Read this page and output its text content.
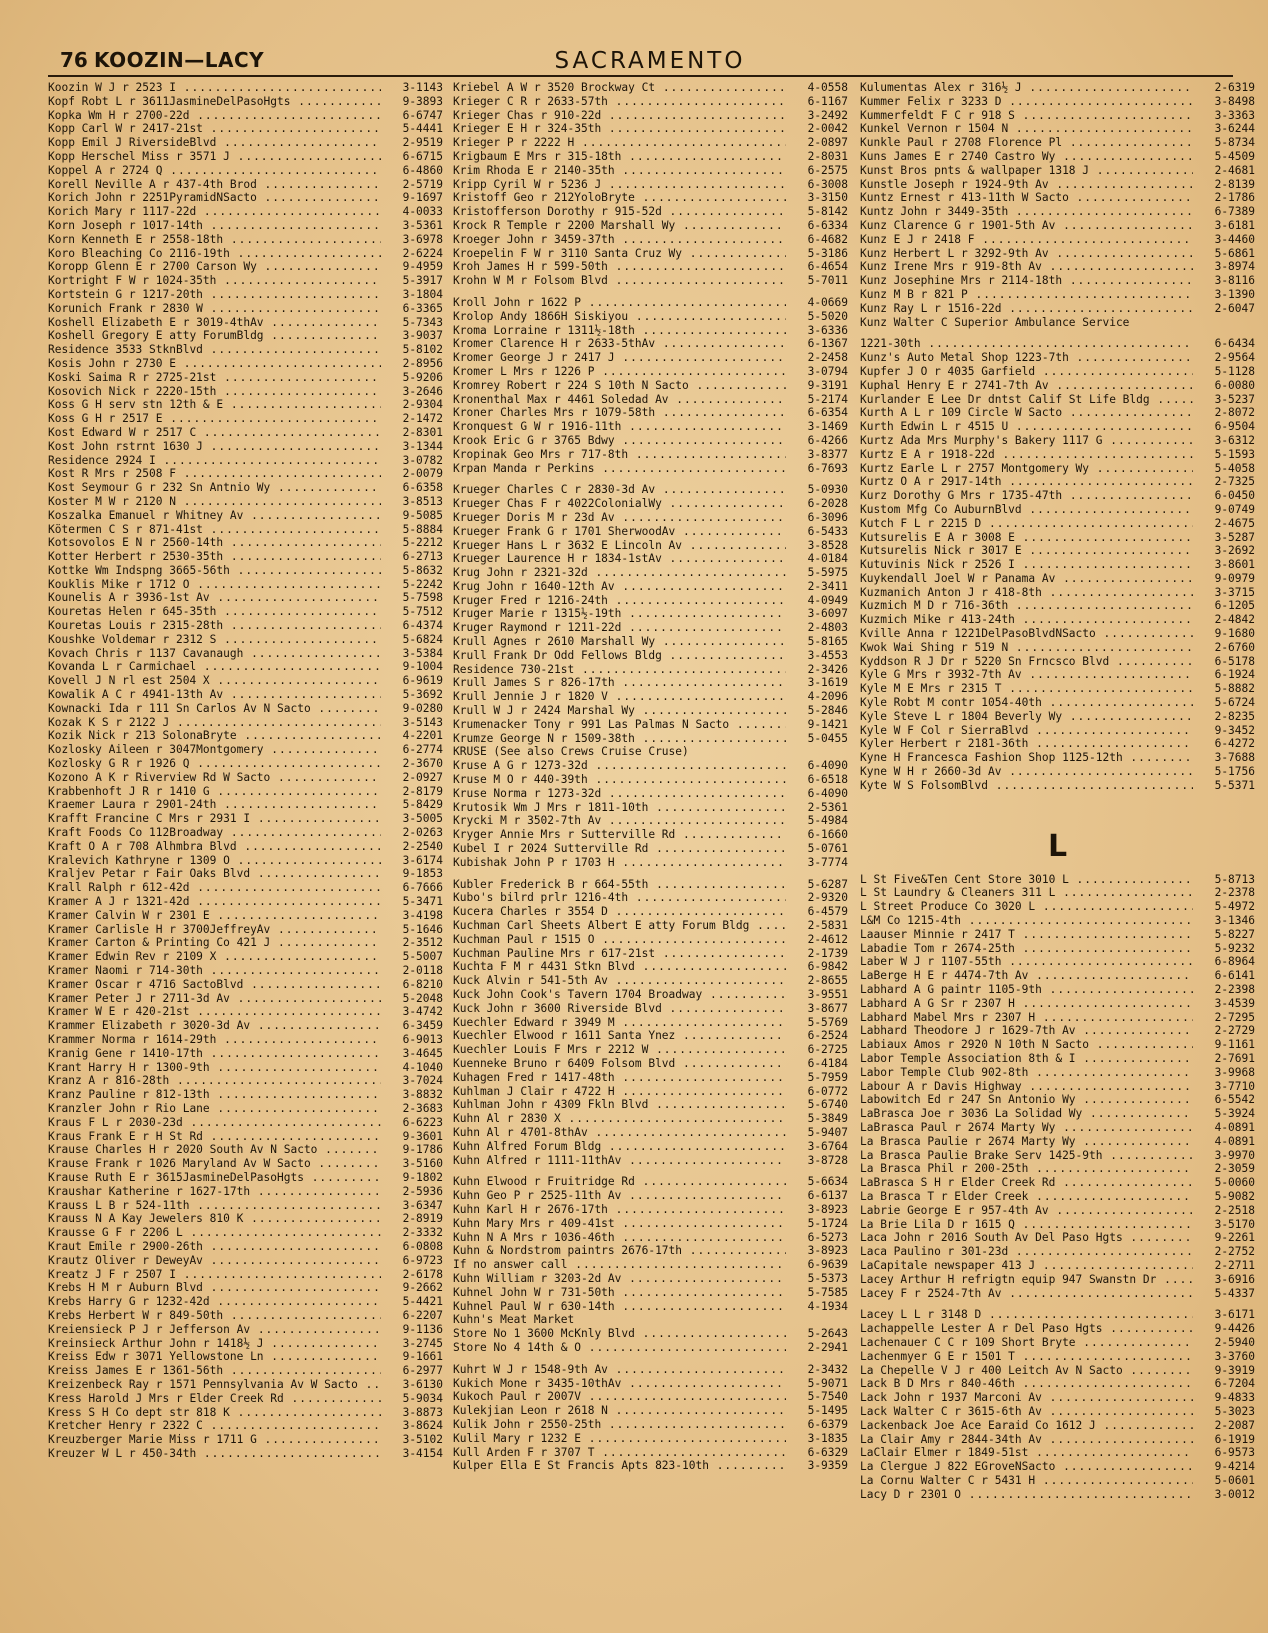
76 KOOZIN—LACY	SACRAMENTO
Koozin W J r 2523 I .....	3-1143
Kopf Robt L r 3611JasmineDelPasoHgts .....	9-3893
Kopka Wm H r 2700-22d .....	6-6747
Kopp Carl W r 2417-21st .....	5-4441
Kopp Emil J RiversideBlvd .....	2-9519
Kopp Herschel Miss r 3571 J .....	6-6715
Koppel A r 2724 Q .....	6-4860
Korell Neville A r 437-4th Brod .....	2-5719
Korich John r 2251PyramidNSacto .....	9-1697
Korich Mary r 1117-22d .....	4-0033
Korn Joseph r 1017-14th .....	3-5361
Korn Kenneth E r 2558-18th .....	3-6978
Koro Bleaching Co 2116-19th .....	2-6224
Koropp Glenn E r 2700 Carson Wy .....	9-4959
Kortright F W r 1024-35th .....	5-3917
Kortstein G r 1217-20th .....	3-1804
Korunich Frank r 2830 W .....	6-3365
Koshell Elizabeth E r 3019-4thAv .....	5-7343
Koshell Gregory E atty ForumBldg .....	3-9037
Residence 3533 StknBlvd .....	5-8102
Kosis John r 2730 E .....	2-8956
Koski Saima R r 2725-21st .....	5-9206
Kosovich Nick r 2220-15th .....	3-2646
Koss G H serv stn 12th & E .....	2-9304
Koss G H r 2517 E .....	2-1472
Kost Edward W r 2517 C .....	2-8301
Kost John rstrnt 1630 J .....	3-1344
Residence 2924 I .....	3-0782
Kost R Mrs r 2508 F .....	2-0079
Kost Seymour G r 232 Sn Antnio Wy .....	6-6358
Koster M W r 2120 N .....	3-8513
Koszalka Emanuel r Whitney Av .....	9-5085
Kötermen C S r 871-41st .....	5-8884
Kotsovolos E N r 2560-14th .....	5-2212
Kotter Herbert r 2530-35th .....	6-2713
Kottke Wm Indspng 3665-56th .....	5-8632
Kouklis Mike r 1712 O .....	5-2242
Kounelis A r 3936-1st Av .....	5-7598
Kouretas Helen r 645-35th .....	5-7512
Kouretas Louis r 2315-28th .....	6-4374
Koushke Voldemar r 2312 S .....	5-6824
Kovach Chris r 1137 Cavanaugh .....	3-5384
Kovanda L r Carmichael .....	9-1004
Kovell J N rl est 2504 X .....	6-9619
Kowalik A C r 4941-13th Av .....	5-3692
Kownacki Ida r 111 Sn Carlos Av N Sacto .....	9-0280
Kozak K S r 2122 J .....	3-5143
Kozik Nick r 213 SolonaBryte .....	4-2201
Kozlosky Aileen r 3047Montgomery .....	6-2774
Kozlosky G R r 1926 Q .....	2-3670
Kozono A K r Riverview Rd W Sacto .....	2-0927
Krabbenhoft J R r 1410 G .....	2-8179
Kraemer Laura r 2901-24th .....	5-8429
Krafft Francine C Mrs r 2931 I .....	3-5005
Kraft Foods Co 112Broadway .....	2-0263
Kraft O A r 708 Alhmbra Blvd .....	2-2540
Kralevich Kathryne r 1309 O .....	3-6174
Kraljev Petar r Fair Oaks Blvd .....	9-1853
Krall Ralph r 612-42d .....	6-7666
Kramer A J r 1321-42d .....	5-3471
Kramer Calvin W r 2301 E .....	3-4198
Kramer Carlisle H r 3700JeffreyAv .....	5-1646
Kramer Carton & Printing Co 421 J .....	2-3512
Kramer Edwin Rev r 2109 X .....	5-5007
Kramer Naomi r 714-30th .....	2-0118
Kramer Oscar r 4716 SactoBlvd .....	6-8210
Kramer Peter J r 2711-3d Av .....	5-2048
Kramer W E r 420-21st .....	3-4742
Krammer Elizabeth r 3020-3d Av .....	6-3459
Krammer Norma r 1614-29th .....	6-9013
Kranig Gene r 1410-17th .....	3-4645
Krant Harry H r 1300-9th .....	4-1040
Kranz A r 816-28th .....	3-7024
Kranz Pauline r 812-13th .....	3-8832
Kranzler John r Rio Lane .....	2-3683
Kraus F L r 2030-23d .....	6-6223
Kraus Frank E r H St Rd .....	9-3601
Krause Charles H r 2020 South Av N Sacto .....	9-1786
Krause Frank r 1026 Maryland Av W Sacto .....	3-5160
Krause Ruth E r 3615JasmineDelPasoHgts .....	9-1802
Kraushar Katherine r 1627-17th .....	2-5936
Krauss L B r 524-11th .....	3-6347
Krauss N A Kay Jewelers 810 K .....	2-8919
Krausse G F r 2206 L .....	2-3332
Kraut Emile r 2900-26th .....	6-0808
Krautz Oliver r DeweyAv .....	6-9723
Kreatz J F r 2507 I .....	2-6178
Krebs H M r Auburn Blvd .....	9-2662
Krebs Harry G r 1232-42d .....	5-4421
Krebs Herbert W r 849-50th .....	6-2207
Kreiensieck P J r Jefferson Av .....	9-1136
Kreinsieck Arthur John r 1418½ J .....	3-2745
Kreiss Edw r 3071 Yellowstone Ln .....	9-1661
Kreiss James E r 1361-56th .....	6-2977
Kreizenbeck Ray r 1571 Pennsylvania Av W Sacto .....	3-6130
Kress Harold J Mrs r Elder Creek Rd .....	5-9034
Kress S H Co dept str 818 K .....	3-8873
Kretcher Henry r 2322 C .....	3-8624
Kreuzberger Marie Miss r 1711 G .....	3-5102
Kreuzer W L r 450-34th .....	3-4154
Kriebel A W r 3520 Brockway Ct .....	4-0558
Krieger C R r 2633-57th .....	6-1167
Krieger Chas r 910-22d .....	3-2492
Krieger E H r 324-35th .....	2-0042
Krieger P r 2222 H .....	2-0897
Krigbaum E Mrs r 315-18th .....	2-8031
Krim Rhoda E r 2140-35th .....	6-2575
Kripp Cyril W r 5236 J .....	6-3008
Kristoff Geo r 212YoloBryte .....	3-3150
Kristofferson Dorothy r 915-52d .....	5-8142
Krock R Temple r 2200 Marshall Wy .....	6-6334
Kroeger John r 3459-37th .....	6-4682
Kroepelin F W r 3110 Santa Cruz Wy .....	5-3186
Kroh James H r 599-50th .....	6-4654
Krohn W M r Folsom Blvd .....	5-7011
Kroll John r 1622 P .....	4-0669
Krolop Andy 1866H Siskiyou .....	5-5020
Kroma Lorraine r 1311½-18th .....	3-6336
Kromer Clarence H r 2633-5thAv .....	6-1367
Kromer George J r 2417 J .....	2-2458
Kromer L Mrs r 1226 P .....	3-0794
Kromrey Robert r 224 S 10th N Sacto .....	9-3191
Kronenthal Max r 4461 Soledad Av .....	5-2174
Kroner Charles Mrs r 1079-58th .....	6-6354
Kronquest G W r 1916-11th .....	3-1469
Krook Eric G r 3765 Bdwy .....	6-4266
Kropinak Geo Mrs r 717-8th .....	3-8377
Krpan Manda r Perkins .....	6-7693
Krueger Charles C r 2830-3d Av .....	5-0930
Krueger Chas F r 4022ColonialWy .....	6-2028
Krueger Doris M r 23d Av .....	6-3096
Krueger Frank G r 1701 SherwoodAv .....	6-5433
Krueger Hans L r 3632 E Lincoln Av .....	3-8528
Krueger Laurence H r 1834-1stAv .....	4-0184
Krug John r 2321-32d .....	5-5975
Krug John r 1640-12th Av .....	2-3411
Kruger Fred r 1216-24th .....	4-0949
Kruger Marie r 1315½-19th .....	3-6097
Kruger Raymond r 1211-22d .....	2-4803
Krull Agnes r 2610 Marshall Wy .....	5-8165
Krull Frank Dr Odd Fellows Bldg .....	3-4553
Residence 730-21st .....	2-3426
Krull James S r 826-17th .....	3-1619
Krull Jennie J r 1820 V .....	4-2096
Krull W J r 2424 Marshal Wy .....	5-2846
Krumenacker Tony r 991 Las Palmas N Sacto .....	9-1421
Krumze George N r 1509-38th .....	5-0455
KRUSE (See also Crews Cruise Cruse)
Kruse A G r 1273-32d .....	6-4090
Kruse M O r 440-39th .....	6-6518
Kruse Norma r 1273-32d .....	6-4090
Krutosik Wm J Mrs r 1811-10th .....	2-5361
Krycki M r 3502-7th Av .....	5-4984
Kryger Annie Mrs r Sutterville Rd .....	6-1660
Kubel I r 2024 Sutterville Rd .....	5-0761
Kubishak John P r 1703 H .....	3-7774
Kubler Frederick B r 664-55th .....	5-6287
Kubo's bilrd prlr 1216-4th .....	2-9320
Kucera Charles r 3554 D .....	6-4579
Kuchman Carl Sheets Albert E atty Forum Bldg .....	2-5831
Kuchman Paul r 1515 O .....	2-4612
Kuchman Pauline Mrs r 617-21st .....	2-1739
Kuchta F M r 4431 Stkn Blvd .....	6-9842
Kuck Alvin r 541-5th Av .....	2-8655
Kuck John Cook's Tavern 1704 Broadway .....	3-9551
Kuck John r 3600 Riverside Blvd .....	3-8677
Kuechler Edward r 3949 M .....	5-5769
Kuechler Elwood r 1611 Santa Ynez .....	6-2524
Kuechler Louis F Mrs r 2212 W .....	6-2725
Kuenneke Bruno r 6409 Folsom Blvd .....	6-4184
Kuhagen Fred r 1417-48th .....	5-7959
Kuhlman J Clair r 4722 H .....	6-0772
Kuhlman John r 4309 Fkln Blvd .....	5-6740
Kuhn Al r 2830 X .....	5-3849
Kuhn Al r 4701-8thAv .....	5-9407
Kuhn Alfred Forum Bldg .....	3-6764
Kuhn Alfred r 1111-11thAv .....	3-8728
Kuhn Elwood r Fruitridge Rd .....	5-6634
Kuhn Geo P r 2525-11th Av .....	6-6137
Kuhn Karl H r 2676-17th .....	3-8923
Kuhn Mary Mrs r 409-41st .....	5-1724
Kuhn N A Mrs r 1036-46th .....	6-5273
Kuhn & Nordstrom paintrs 2676-17th .....	3-8923
If no answer call .....	6-9639
Kuhn William r 3203-2d Av .....	5-5373
Kuhnel John W r 731-50th .....	5-7585
Kuhnel Paul W r 630-14th .....	4-1934
Kuhn's Meat Market
Store No 1 3600 McKnly Blvd .....	5-2643
Store No 4 14th & O .....	2-2941
Kuhrt W J r 1548-9th Av .....	2-3432
Kukich Mone r 3435-10thAv .....	5-9071
Kukoch Paul r 2007V .....	5-7540
Kulekjian Leon r 2618 N .....	5-1495
Kulik John r 2550-25th .....	6-6379
Kulil Mary r 1232 E .....	3-1835
Kull Arden F r 3707 T .....	6-6329
Kulper Ella E St Francis Apts 823-10th .....	3-9359
Kulumentas Alex r 316½ J .....	2-6319
Kummer Felix r 3233 D .....	3-8498
Kummerfeldt F C r 918 S .....	3-3363
Kunkel Vernon r 1504 N .....	3-6244
Kunkle Paul r 2708 Florence Pl .....	5-8734
Kuns James E r 2740 Castro Wy .....	5-4509
Kunst Bros pnts & wallpaper 1318 J .....	2-4681
Kunstle Joseph r 1924-9th Av .....	2-8139
Kuntz Ernest r 413-11th W Sacto .....	2-1786
Kuntz John r 3449-35th .....	6-7389
Kunz Clarence G r 1901-5th Av .....	3-6181
Kunz E J r 2418 F .....	3-4460
Kunz Herbert L r 3292-9th Av .....	5-6861
Kunz Irene Mrs r 919-8th Av .....	3-8974
Kunz Josephine Mrs r 2114-18th .....	3-8116
Kunz M B r 821 P .....	3-1390
Kunz Ray L r 1516-22d .....	2-6047
Kunz Walter C Superior Ambulance Service
1221-30th .....	6-6434
Kunz's Auto Metal Shop 1223-7th .....	2-9564
Kupfer J O r 4035 Garfield .....	5-1128
Kuphal Henry E r 2741-7th Av .....	6-0080
Kurlander E Lee Dr dntst Calif St Life Bldg .....	3-5237
Kurth A L r 109 Circle W Sacto .....	2-8072
Kurth Edwin L r 4515 U .....	6-9504
Kurtz Ada Mrs Murphy's Bakery 1117 G .....	3-6312
Kurtz E A r 1918-22d .....	5-1593
Kurtz Earle L r 2757 Montgomery Wy .....	5-4058
Kurtz O A r 2917-14th .....	2-7325
Kurz Dorothy G Mrs r 1735-47th .....	6-0450
Kustom Mfg Co AuburnBlvd .....	9-0749
Kutch F L r 2215 D .....	2-4675
Kutsurelis E A r 3008 E .....	3-5287
Kutsurelis Nick r 3017 E .....	3-2692
Kutuvinis Nick r 2526 I .....	3-8601
Kuykendall Joel W r Panama Av .....	9-0979
Kuzmanich Anton J r 418-8th .....	3-3715
Kuzmich M D r 716-36th .....	6-1205
Kuzmich Mike r 413-24th .....	2-4842
Kville Anna r 1221DelPasoBlvdNSacto .....	9-1680
Kwok Wai Shing r 519 N .....	2-6760
Kyddson R J Dr r 5220 Sn Frncsco Blvd .....	6-5178
Kyle G Mrs r 3932-7th Av .....	6-1924
Kyle M E Mrs r 2315 T .....	5-8882
Kyle Robt M contr 1054-40th .....	5-6724
Kyle Steve L r 1804 Beverly Wy .....	2-8235
Kyle W F Col r SierraBlvd .....	9-3452
Kyler Herbert r 2181-36th .....	6-4272
Kyne H Francesca Fashion Shop 1125-12th .....	3-7688
Kyne W H r 2660-3d Av .....	5-1756
Kyte W S FolsomBlvd .....	5-5371
L
L St Five&Ten Cent Store 3010 L .....	5-8713
L St Laundry & Cleaners 311 L .....	2-2378
L Street Produce Co 3020 L .....	5-4972
L&M Co 1215-4th .....	3-1346
Laauser Minnie r 2417 T .....	5-8227
Labadie Tom r 2674-25th .....	5-9232
Laber W J r 1107-55th .....	6-8964
LaBerge H E r 4474-7th Av .....	6-6141
Labhard A G paintr 1105-9th .....	2-2398
Labhard A G Sr r 2307 H .....	3-4539
Labhard Mabel Mrs r 2307 H .....	2-7295
Labhard Theodore J r 1629-7th Av .....	2-2729
Labiaux Amos r 2920 N 10th N Sacto .....	9-1161
Labor Temple Association 8th & I .....	2-7691
Labor Temple Club 902-8th .....	3-9968
Labour A r Davis Highway .....	3-7710
Labowitch Ed r 247 Sn Antonio Wy .....	6-5542
LaBrasca Joe r 3036 La Solidad Wy .....	5-3924
LaBrasca Paul r 2674 Marty Wy .....	4-0891
La Brasca Paulie r 2674 Marty Wy .....	4-0891
La Brasca Paulie Brake Serv 1425-9th .....	3-9970
La Brasca Phil r 200-25th .....	2-3059
LaBrasca S H r Elder Creek Rd .....	5-0060
La Brasca T r Elder Creek .....	5-9082
Labrie George E r 957-4th Av .....	2-2518
La Brie Lila D r 1615 Q .....	3-5170
Laca John r 2016 South Av Del Paso Hgts .....	9-2261
Laca Paulino r 301-23d .....	2-2752
LaCapitale newspaper 413 J .....	2-2711
Lacey Arthur H refrigtn equip 947 Swanstn Dr .....	3-6916
Lacey F r 2524-7th Av .....	5-4337
Lacey L L r 3148 D .....	3-6171
Lachappelle Lester A r Del Paso Hgts .....	9-4426
Lachenauer C C r 109 Short Bryte .....	2-5940
Lachenmyer G E r 1501 T .....	3-3760
La Chepelle V J r 400 Leitch Av N Sacto .....	9-3919
Lack B D Mrs r 840-46th .....	6-7204
Lack John r 1937 Marconi Av .....	9-4833
Lack Walter C r 3615-6th Av .....	5-3023
Lackenback Joe Ace Earaid Co 1612 J .....	2-2087
La Clair Amy r 2844-34th Av .....	6-1919
LaClair Elmer r 1849-51st .....	6-9573
La Clergue J 822 EGroveNSacto .....	9-4214
La Cornu Walter C r 5431 H .....	5-0601
Lacy D r 2301 O .....	3-0012
